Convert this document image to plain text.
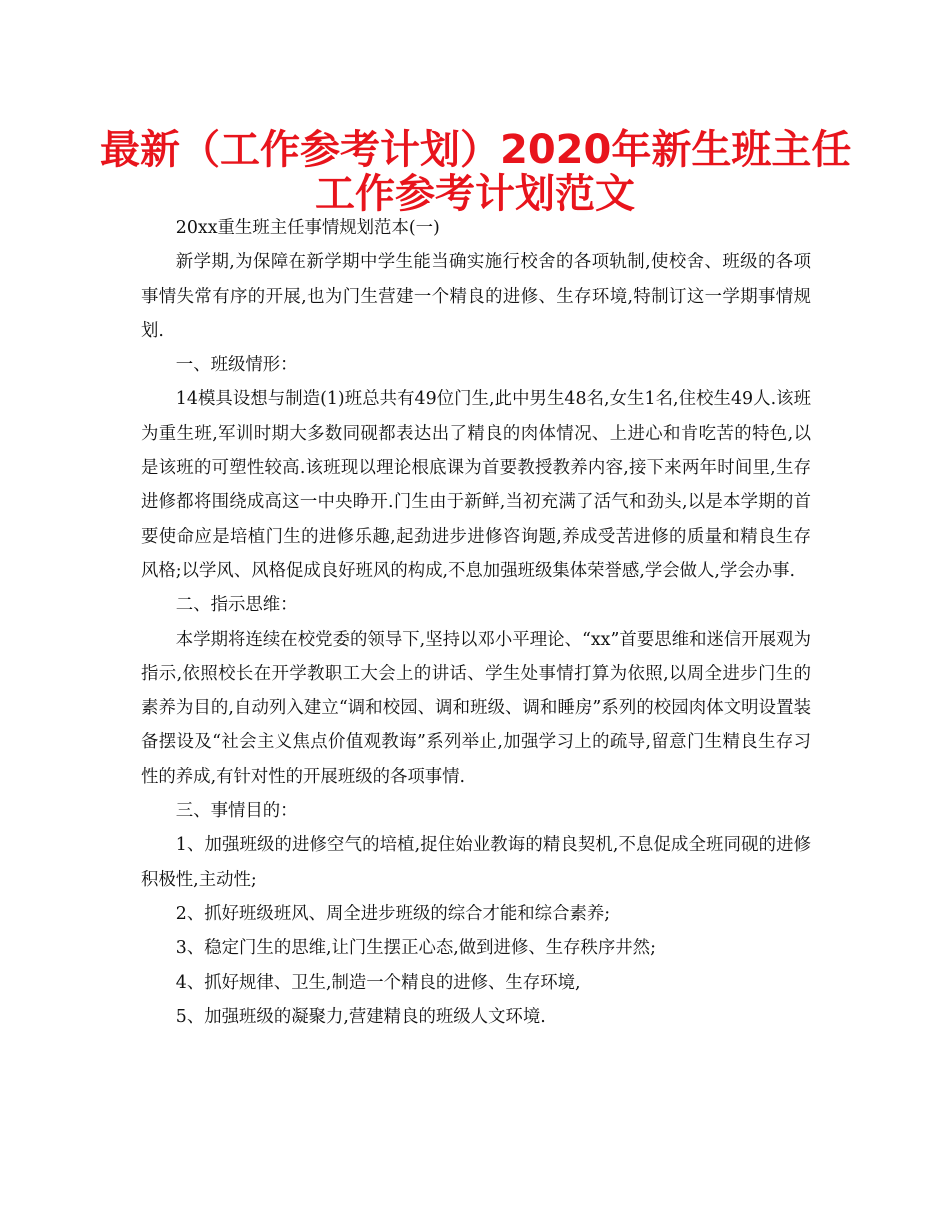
最新（工作参考计划）2020年新生班主任
工作参考计划范文

20xx重生班主任事情规划范本(一)

新学期,为保障在新学期中学生能当确实施行校舍的各项轨制,使校舍、班级的各项事情失常有序的开展,也为门生营建一个精良的进修、生存环境,特制订这一学期事情规划.

一、班级情形：

14模具设想与制造(1)班总共有49位门生,此中男生48名,女生1名,住校生49人.该班为重生班,军训时期大多数同砚都表达出了精良的肉体情况、上进心和肯吃苦的特色,以是该班的可塑性较高.该班现以理论根底课为首要教授教养内容,接下来两年时间里,生存进修都将围绕成高这一中央睁开.门生由于新鲜,当初充满了活气和劲头,以是本学期的首要使命应是培植门生的进修乐趣,起劲进步进修咨询题,养成受苦进修的质量和精良生存风格;以学风、风格促成良好班风的构成,不息加强班级集体荣誉感,学会做人,学会办事.

二、指示思维：

本学期将连续在校党委的领导下,坚持以邓小平理论、“xx”首要思维和迷信开展观为指示,依照校长在开学教职工大会上的讲话、学生处事情打算为依照,以周全进步门生的素养为目的,自动列入建立“调和校园、调和班级、调和睡房”系列的校园肉体文明设置装备摆设及“社会主义焦点价值观教诲”系列举止,加强学习上的疏导,留意门生精良生存习性的养成,有针对性的开展班级的各项事情.

三、事情目的：

1、加强班级的进修空气的培植,捉住始业教诲的精良契机,不息促成全班同砚的进修积极性,主动性;

2、抓好班级班风、周全进步班级的综合才能和综合素养;

3、稳定门生的思维,让门生摆正心态,做到进修、生存秩序井然;

4、抓好规律、卫生,制造一个精良的进修、生存环境,

5、加强班级的凝聚力,营建精良的班级人文环境.
